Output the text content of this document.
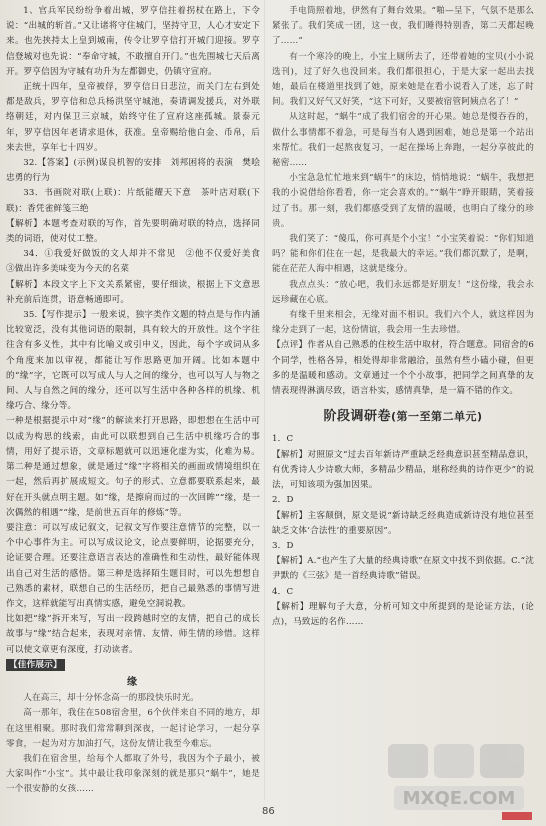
1、官兵军民纷纷争着出城，罗亨信拄着拐杖在路上，下令说：“出城的斩首。”又让诸将守住城门，坚持守卫，人心才安定下来。也先挟持太上皇到城南，传令让罗亨信打开城门迎接。罗亨信登城对也先说：“奉命守城，不敢擅自开门。”也先围城七天后离开。罗亨信因为守城有功升为左都御史，仍镇守宣府。

正统十四年，皇帝被俘，罗亨信日日悲泣，而关门左右到处都是敌兵，罗亨信和总兵杨洪坚守城池，奏请调发援兵，对外联络朝廷，对内保卫三京城，始终守住了宣府这座孤城。景泰元年，罗亨信因年老请求退休，获准。皇帝赐给他白金、币帛，后来去世，享年七十四岁。

32.【答案】(示例)谋良机智的安排　刘邦困将的表演　樊哙忠勇的行为

33．书画院对联(上联)：片纸能耀天下意　茶叶店对联(下联)：香凭雀鲜笺三绝

【解析】本题考查对联的写作，首先要明确对联的特点，选择同类的词语，使对仗工整。

34．①我爱好做饭的文人却并不常见　②他不仅爱好美食　③做出许多美味变为今天的名菜

【解析】本段文字上下文关系紧密，要仔细读，根据上下文意思补充前后连贯，语意畅通即可。

35.【写作提示】一般来说，独字类作文题的特点是与作内涵比较宽泛，没有其他词语的限制，具有较大的开放性。这个字往往含有多义性，其中有比喻义或引申义，因此，每个字或词从多个角度来加以审视，都能让写作思路更加开阔。比如本题中的“缘”字，它既可以写成人与人之间的缘分，也可以写人与物之间、人与自然之间的缘分，还可以写生活中各种各样的机缘、机缘巧合、缘分等。

一种是根据提示中对“缘”的解读来打开思路，即想想在生活中可以成为构思的线索，由此可以联想到自己生活中机缘巧合的事情，用好了提示语，文章标题就可以迅速化虚为实，化难为易。第二种是通过想象，就是通过“缘”字将相关的画面或情境组织在一起，然后再扩展成短文。句子的形式、立意都要联系起来，最好在开头就点明主题。如“缘，是擦肩而过的一次回眸”“缘，是一次偶然的相遇”“缘，是前世五百年的修炼”等。

要注意：可以写成记叙文，记叙文写作要注意情节的完整，以一个中心事件为主。可以写成议论文，论点要鲜明，论据要充分，论证要合理。还要注意语言表达的准确性和生动性，最好能体现出自己对生活的感悟。第三种是选择陌生题目时，可以先想想自己熟悉的素材，联想自己的生活经历，把自己最熟悉的事情写进作文，这样就能写出真情实感，避免空洞说教。

比如把“缘”拆开来写，写出一段跨越时空的友情，把自己的成长故事与“缘”结合起来，表现对亲情、友情、师生情的珍惜。这样可以使文章更有深度，打动读者。

【佳作展示】

缘

人在高三，却十分怀念高一的那段快乐时光。

高一那年，我住在508宿舍里，6个伙伴来自不同的地方，却在这里相聚。那时我们常常聊到深夜，一起讨论学习，一起分享零食，一起为对方加油打气，这份友情让我至今难忘。

我们在宿舍里，给每个人都取了外号，我因为个子最小，被大家叫作“小宝”。其中最让我印象深刻的就是那只“蜗牛”，她是一个很安静的女孩……

手电筒照着地，伊然有了舞台效果。“啪—呈下，气氛不是那么紧张了。我们笑成一团，这一夜，我们睡得特别香，第二天都起晚了……”

有一个寒冷的晚上，小宝上厕所去了，还带着她的宝贝(小小说选刊)，过了好久也没回来。我们都很担心，于是大家一起出去找她，最后在楼道里找到了她，原来她是在看小说看入了迷，忘了时间。我们又好气又好笑，“这下可好，又要被宿管阿姨点名了！”

从这时起，“蜗牛”成了我们宿舍的开心果。她总是慢吞吞的，做什么事情都不着急，可是每当有人遇到困难，她总是第一个站出来帮忙。我们一起熬夜复习，一起在操场上奔跑，一起分享彼此的秘密……

小宝急急忙忙地来到“蜗牛”的床边，悄悄地说：“蜗牛，我想把我的小说借给你看看，你一定会喜欢的。”“蜗牛”睁开眼睛，笑着接过了书。那一刻，我们都感受到了友情的温暖，也明白了缘分的珍贵。

我们笑了：“傻瓜，你可真是个小宝！”小宝笑着说：“你们知道吗？能和你们住在一起，是我最大的幸运。”我们都沉默了，是啊，能在茫茫人海中相遇，这就是缘分。

我点点头：“放心吧，我们永远都是好朋友！”这份缘，我会永远珍藏在心底。

有缘千里来相会，无缘对面不相识。我们六个人，就这样因为缘分走到了一起，这份情谊，我会用一生去珍惜。

【点评】作者从自己熟悉的住校生活中取材，符合题意。同宿舍的6个同学，性格各异，相处得却非常融洽，虽然有些小磕小碰，但更多的是温暖和感动。文章通过一个个小故事，把同学之间真挚的友情表现得淋漓尽致，语言朴实，感情真挚，是一篇不错的作文。

阶段调研卷(第一至第二单元)

1．C

【解析】对照原文“过去百年新诗严重缺乏经典意识甚至精品意识，有优秀诗人少诗歌大师，多精品少精品，堪称经典的诗作更少”的说法，可知该项为强加因果。

2．D

【解析】主客颠倒，原文是说“新诗缺乏经典造成新诗没有地位甚至缺乏文体‘合法性’的重要原因”。

3．D

【解析】A.“也产生了大量的经典诗歌”在原文中找不到依据。C.“沈尹默的《三弦》是一首经典诗歌”错误。

4．C

【解析】理解句子大意，分析可知文中所提到的是论证方法，(论点)，马致远的名作……

MXQE.COM
86
